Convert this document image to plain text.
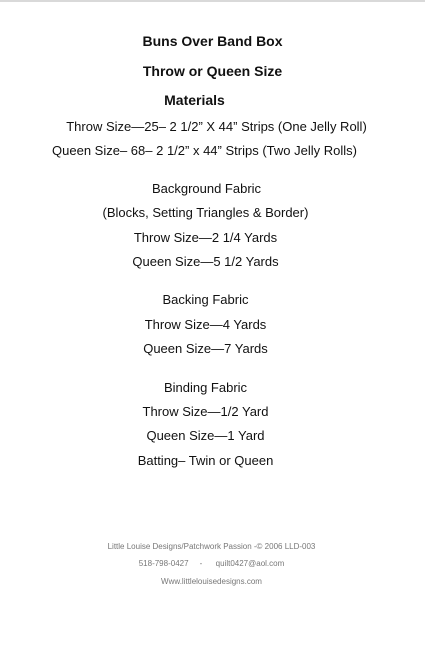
Buns Over Band Box
Throw or Queen Size
Materials
Throw Size—25– 2 1/2” X 44” Strips (One Jelly Roll)
Queen Size– 68– 2 1/2” x 44” Strips (Two Jelly Rolls)
Background Fabric
(Blocks, Setting Triangles & Border)
Throw Size—2 1/4 Yards
Queen Size—5 1/2 Yards
Backing Fabric
Throw Size—4 Yards
Queen Size—7 Yards
Binding Fabric
Throw Size—1/2 Yard
Queen Size—1 Yard
Batting– Twin or Queen
Little Louise Designs/Patchwork Passion -© 2006 LLD-003
518-798-0427     -      quilt0427@aol.com
Www.littlelouisedesigns.com
